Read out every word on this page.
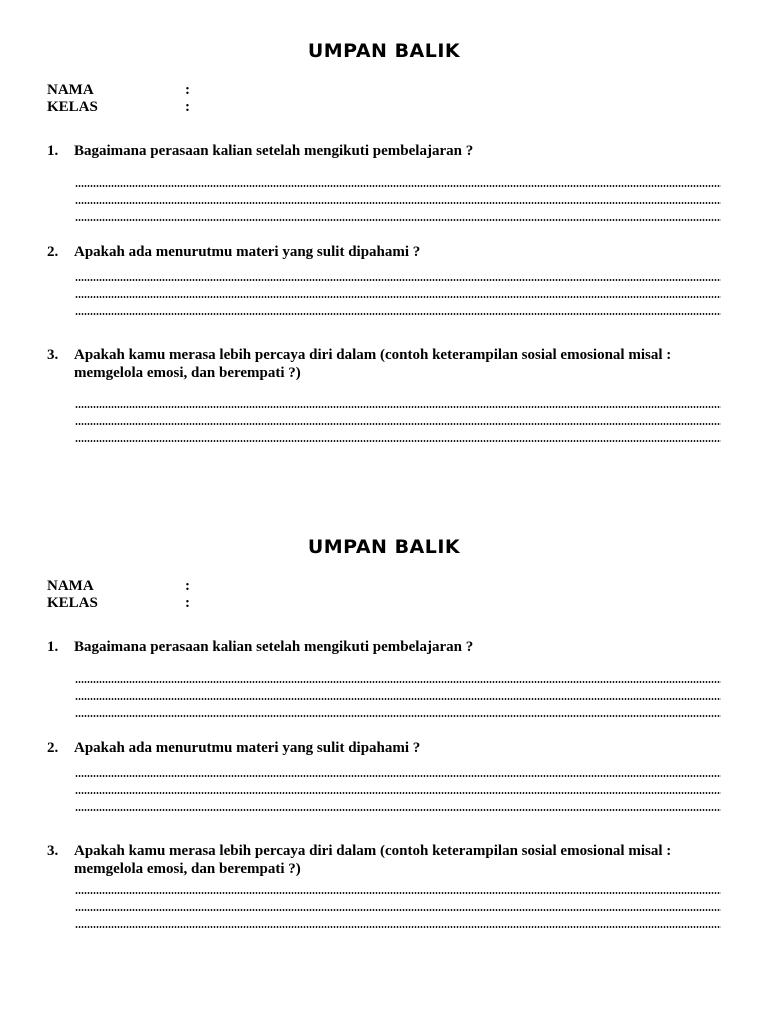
UMPAN BALIK
NAMA	:
KELAS	:
1. Bagaimana perasaan kalian setelah mengikuti pembelajaran ?
2. Apakah ada menurutmu materi yang sulit dipahami ?
3. Apakah kamu merasa lebih percaya diri dalam (contoh keterampilan sosial emosional misal : memgelola emosi, dan berempati ?)
UMPAN BALIK
NAMA	:
KELAS	:
1. Bagaimana perasaan kalian setelah mengikuti pembelajaran ?
2. Apakah ada menurutmu materi yang sulit dipahami ?
3. Apakah kamu merasa lebih percaya diri dalam (contoh keterampilan sosial emosional misal : memgelola emosi, dan berempati ?)
